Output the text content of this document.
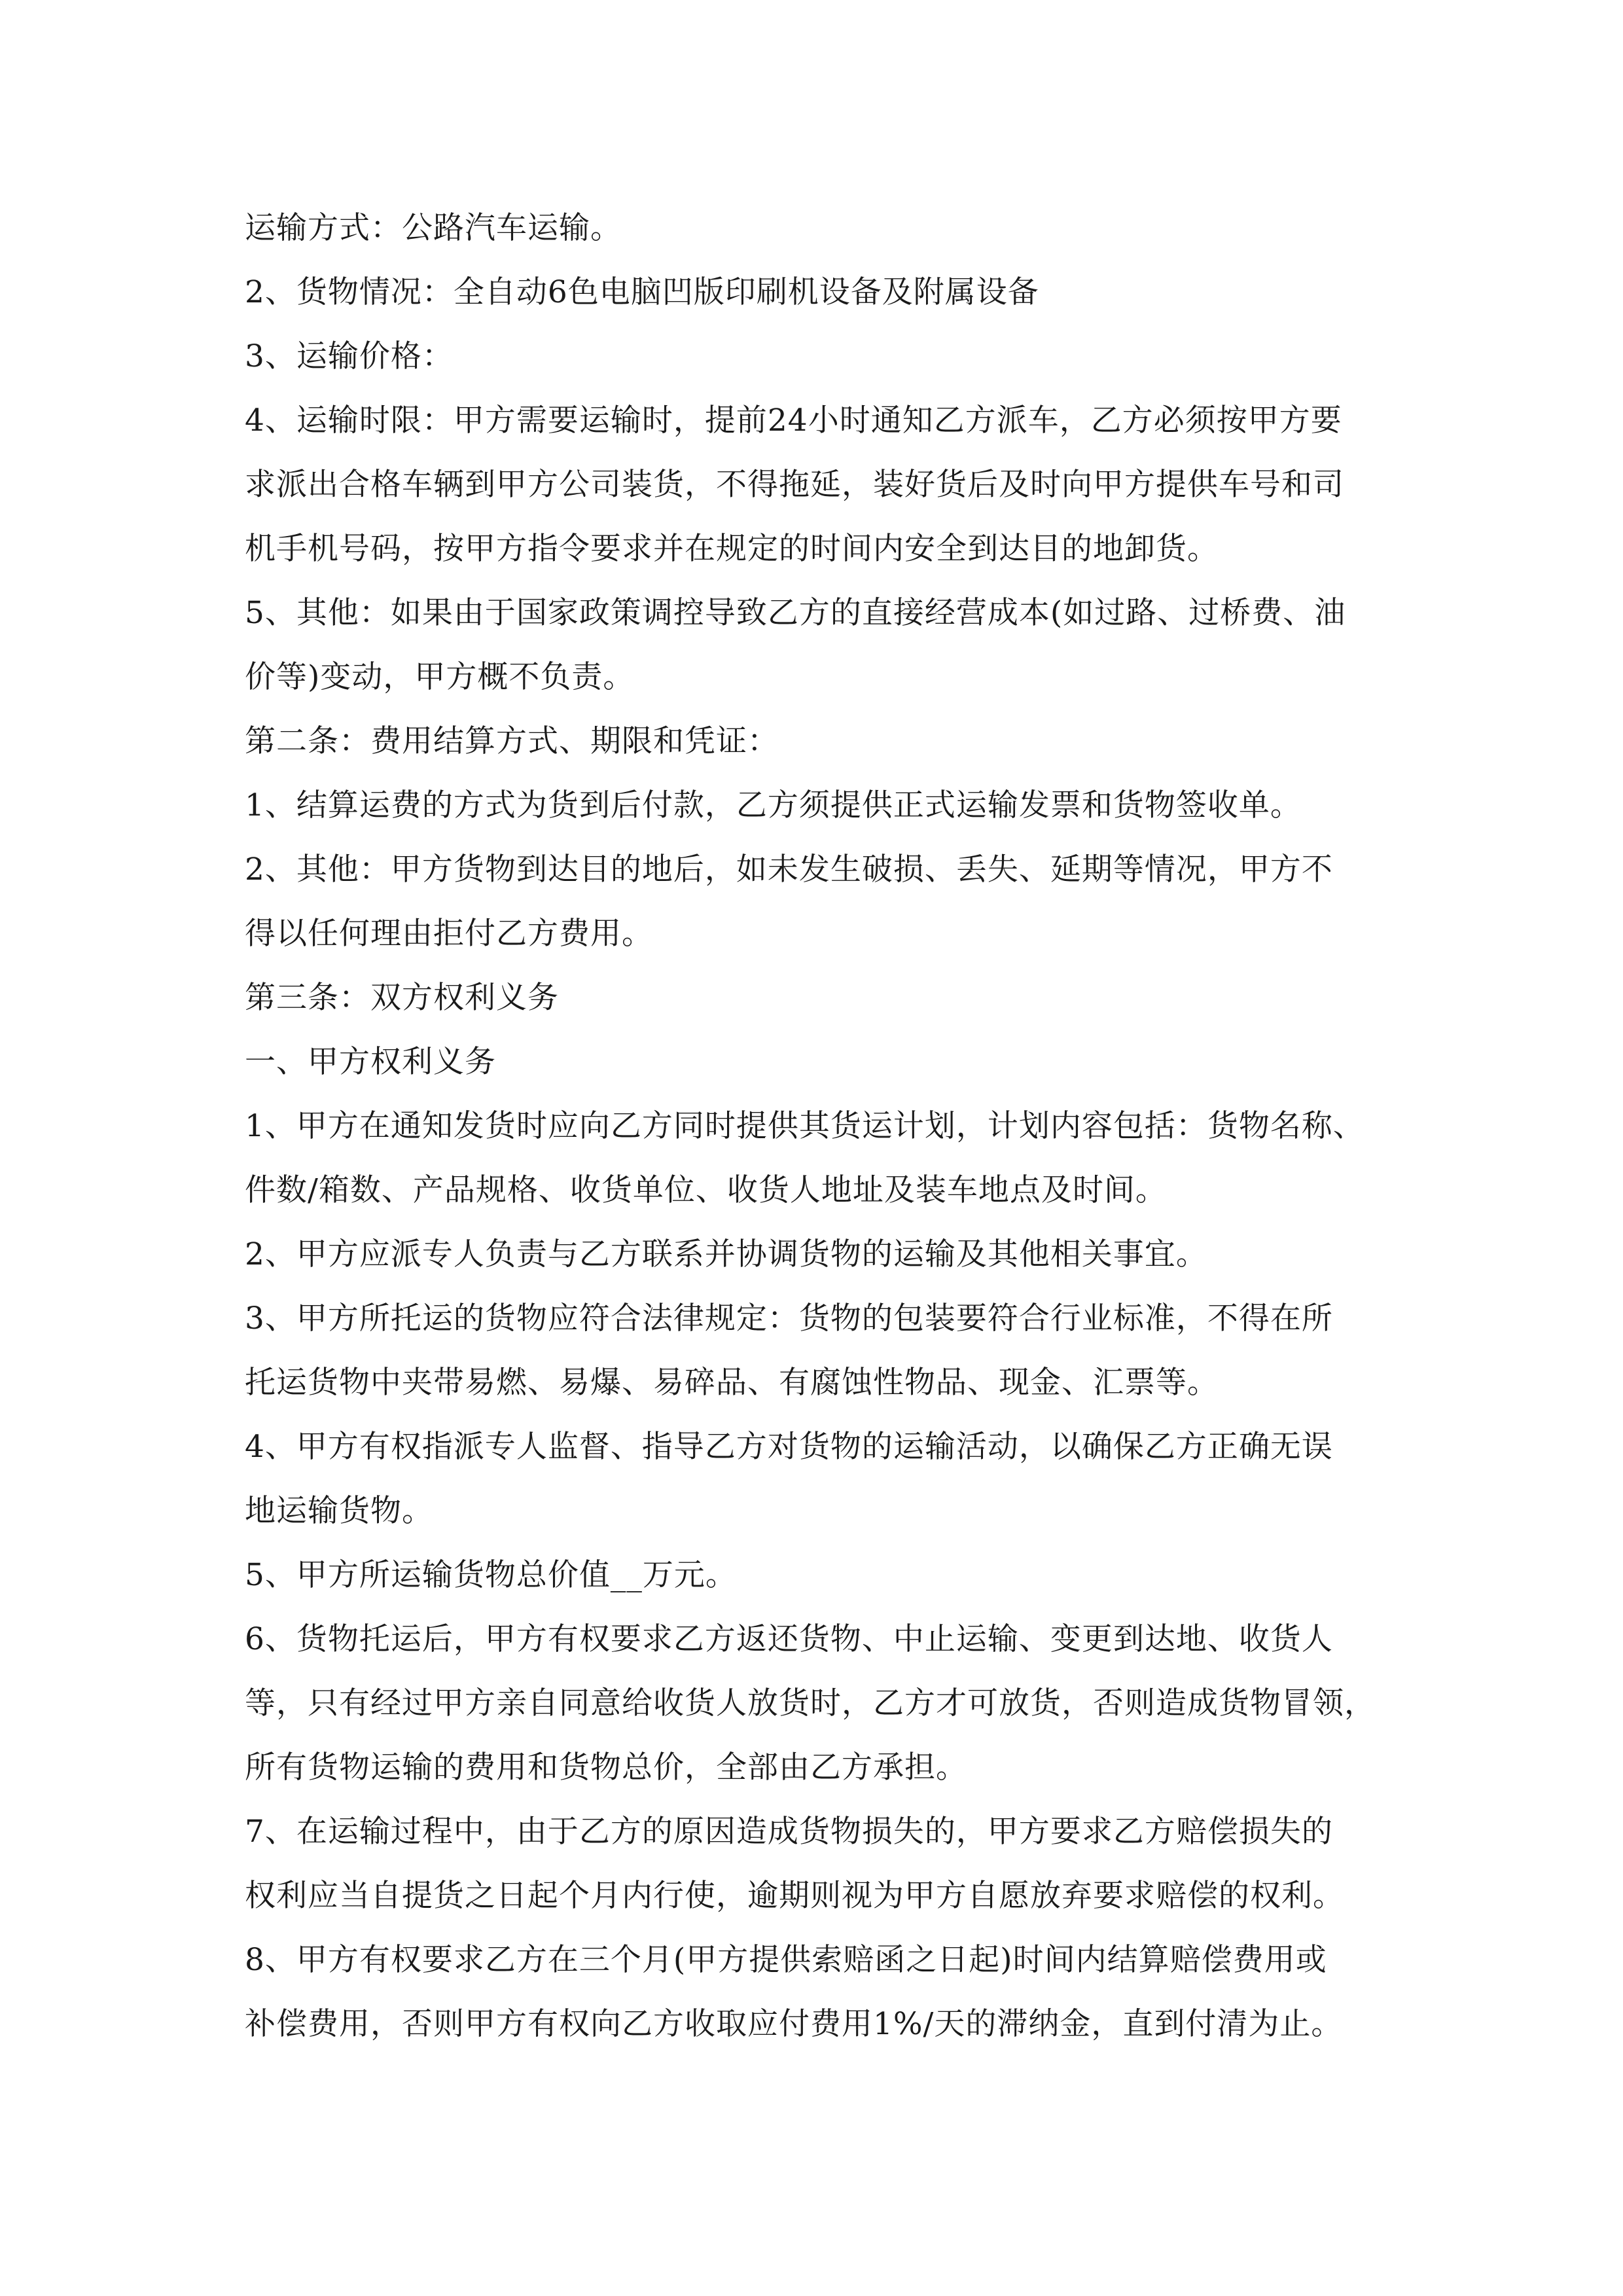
运输方式：公路汽车运输。
2、货物情况：全自动6色电脑凹版印刷机设备及附属设备
3、运输价格：
4、运输时限：甲方需要运输时，提前24小时通知乙方派车，乙方必须按甲方要
求派出合格车辆到甲方公司装货，不得拖延，装好货后及时向甲方提供车号和司
机手机号码，按甲方指令要求并在规定的时间内安全到达目的地卸货。
5、其他：如果由于国家政策调控导致乙方的直接经营成本(如过路、过桥费、油
价等)变动，甲方概不负责。
第二条：费用结算方式、期限和凭证：
1、结算运费的方式为货到后付款，乙方须提供正式运输发票和货物签收单。
2、其他：甲方货物到达目的地后，如未发生破损、丢失、延期等情况，甲方不
得以任何理由拒付乙方费用。
第三条：双方权利义务
一、甲方权利义务
1、甲方在通知发货时应向乙方同时提供其货运计划，计划内容包括：货物名称、
件数/箱数、产品规格、收货单位、收货人地址及装车地点及时间。
2、甲方应派专人负责与乙方联系并协调货物的运输及其他相关事宜。
3、甲方所托运的货物应符合法律规定：货物的包装要符合行业标准，不得在所
托运货物中夹带易燃、易爆、易碎品、有腐蚀性物品、现金、汇票等。
4、甲方有权指派专人监督、指导乙方对货物的运输活动，以确保乙方正确无误
地运输货物。
5、甲方所运输货物总价值__万元。
6、货物托运后，甲方有权要求乙方返还货物、中止运输、变更到达地、收货人
等，只有经过甲方亲自同意给收货人放货时，乙方才可放货，否则造成货物冒领，
所有货物运输的费用和货物总价，全部由乙方承担。
7、在运输过程中，由于乙方的原因造成货物损失的，甲方要求乙方赔偿损失的
权利应当自提货之日起个月内行使，逾期则视为甲方自愿放弃要求赔偿的权利。
8、甲方有权要求乙方在三个月(甲方提供索赔函之日起)时间内结算赔偿费用或
补偿费用，否则甲方有权向乙方收取应付费用1%/天的滞纳金，直到付清为止。
